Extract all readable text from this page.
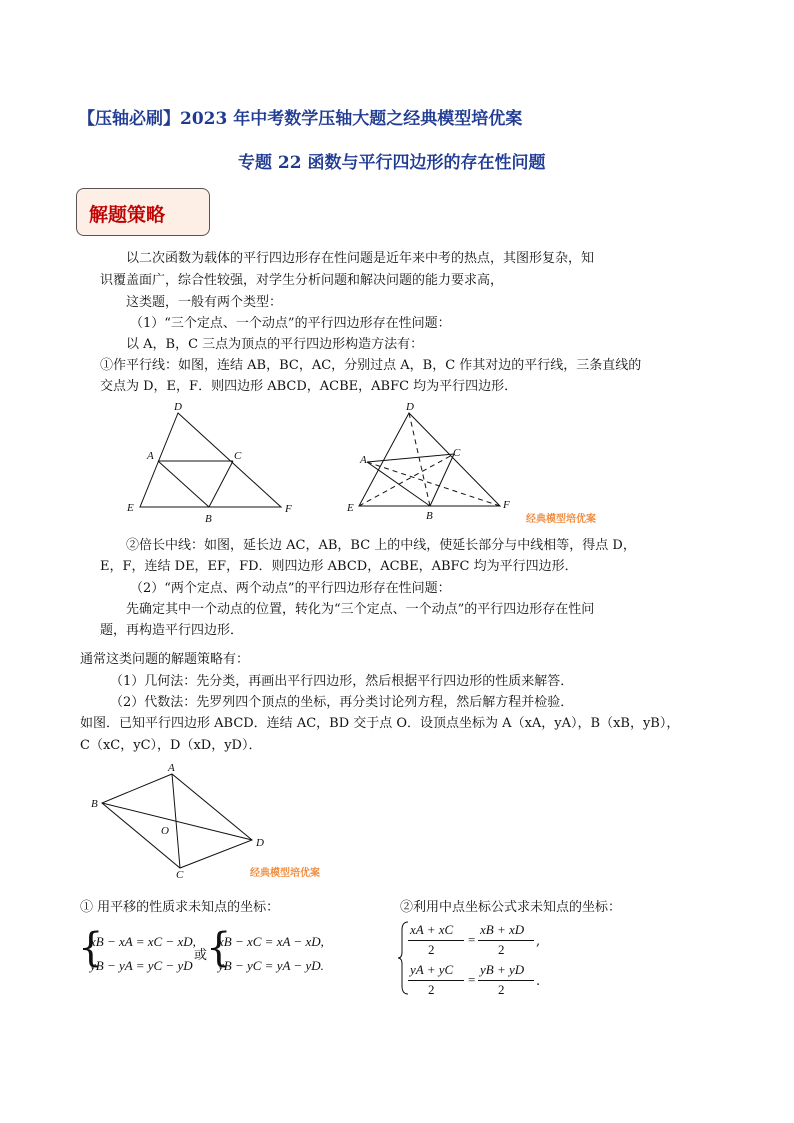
【压轴必刷】2023 年中考数学压轴大题之经典模型培优案
专题 22 函数与平行四边形的存在性问题
解题策略
以二次函数为载体的平行四边形存在性问题是近年来中考的热点，其图形复杂，知
识覆盖面广，综合性较强，对学生分析问题和解决问题的能力要求高，
这类题，一般有两个类型：
（1）“三个定点、一个动点”的平行四边形存在性问题：
以 A，B，C 三点为顶点的平行四边形构造方法有：
①作平行线：如图，连结 AB，BC，AC，分别过点 A，B，C 作其对边的平行线，三条直线的
交点为 D，E，F．则四边形 ABCD，ACBE，ABFC 均为平行四边形．
D
A	C
E
B
F
D
A
C
E
B
F
经典模型培优案
②倍长中线：如图，延长边 AC，AB，BC 上的中线，使延长部分与中线相等，得点 D，
E，F，连结 DE，EF，FD．则四边形 ABCD，ACBE，ABFC 均为平行四边形．
（2）“两个定点、两个动点”的平行四边形存在性问题：
先确定其中一个动点的位置，转化为“三个定点、一个动点”的平行四边形存在性问
题，再构造平行四边形．
通常这类问题的解题策略有：
（1）几何法：先分类，再画出平行四边形，然后根据平行四边形的性质来解答．
（2）代数法：先罗列四个顶点的坐标，再分类讨论列方程，然后解方程并检验．
如图．已知平行四边形 ABCD．连结 AC，BD 交于点 O．设顶点坐标为 A（xA，yA），B（xB，yB），
C（xC，yC），D（xD，yD）．
A
B
O
D
C	经典模型培优案
① 用平移的性质求未知点的坐标：	②利用中点坐标公式求未知点的坐标：
{
xB − xA = xC − xD,
yB − yA = yC − yD
或
{
xB − xC = xA − xD,
yB − yC = yA − yD.
xA + xC
2
=
xB + xD
2
,
yA + yC
2
=
yB + yD
2
.
